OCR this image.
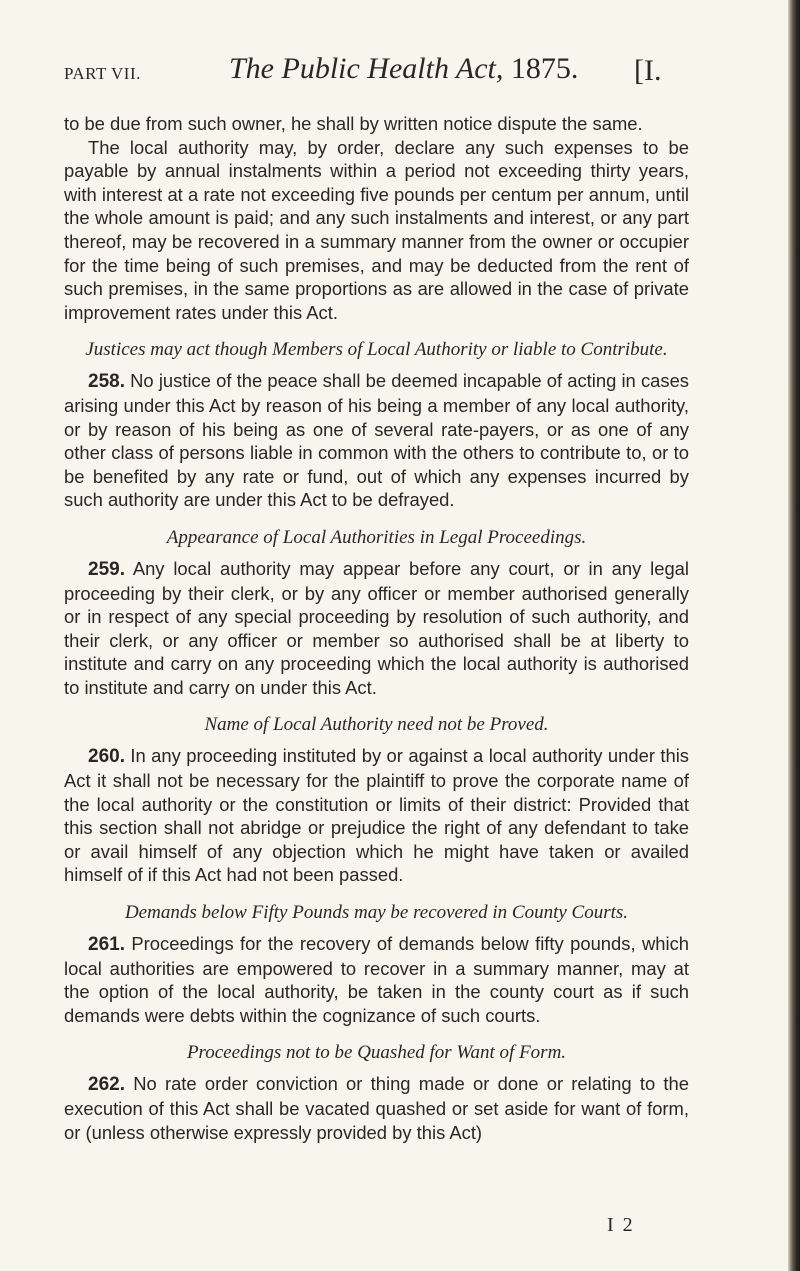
PART VII.	The Public Health Act, 1875. [I.

to be due from such owner, he shall by written notice dispute the same.

The local authority may, by order, declare any such expenses to be payable by annual instalments within a period not exceeding thirty years, with interest at a rate not exceeding five pounds per centum per annum, until the whole amount is paid; and any such instalments and interest, or any part thereof, may be recovered in a summary manner from the owner or occupier for the time being of such premises, and may be deducted from the rent of such premises, in the same proportions as are allowed in the case of private improvement rates under this Act.

Justices may act though Members of Local Authority or liable to Contribute.

258. No justice of the peace shall be deemed incapable of acting in cases arising under this Act by reason of his being a member of any local authority, or by reason of his being as one of several rate-payers, or as one of any other class of persons liable in common with the others to contribute to, or to be benefited by any rate or fund, out of which any expenses incurred by such authority are under this Act to be defrayed.

Appearance of Local Authorities in Legal Proceedings.

259. Any local authority may appear before any court, or in any legal proceeding by their clerk, or by any officer or member authorised generally or in respect of any special proceeding by resolution of such authority, and their clerk, or any officer or member so authorised shall be at liberty to institute and carry on any proceeding which the local authority is authorised to institute and carry on under this Act.

Name of Local Authority need not be Proved.

260. In any proceeding instituted by or against a local authority under this Act it shall not be necessary for the plaintiff to prove the corporate name of the local authority or the constitution or limits of their district: Provided that this section shall not abridge or prejudice the right of any defendant to take or avail himself of any objection which he might have taken or availed himself of if this Act had not been passed.

Demands below Fifty Pounds may be recovered in County Courts.

261. Proceedings for the recovery of demands below fifty pounds, which local authorities are empowered to recover in a summary manner, may at the option of the local authority, be taken in the county court as if such demands were debts within the cognizance of such courts.

Proceedings not to be Quashed for Want of Form.

262. No rate order conviction or thing made or done or relating to the execution of this Act shall be vacated quashed or set aside for want of form, or (unless otherwise expressly provided by this Act)

I 2
